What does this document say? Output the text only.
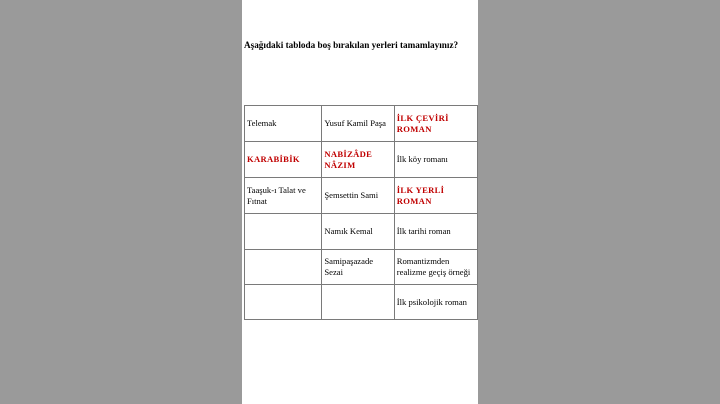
Aşağıdaki tabloda boş bırakılan yerleri tamamlayınız?
Telemak	Yusuf Kamil Paşa	İLK ÇEVİRİ ROMAN
KARABİBİK	NABİZÂDE NÂZIM	İlk köy romanı
Taaşuk-ı Talat ve Fıtnat	Şemsettin Sami	İLK YERLİ ROMAN
	Namık Kemal	İlk tarihi roman
	Samipaşazade Sezai	Romantizmden realizme geçiş örneği
		İlk psikolojik roman
